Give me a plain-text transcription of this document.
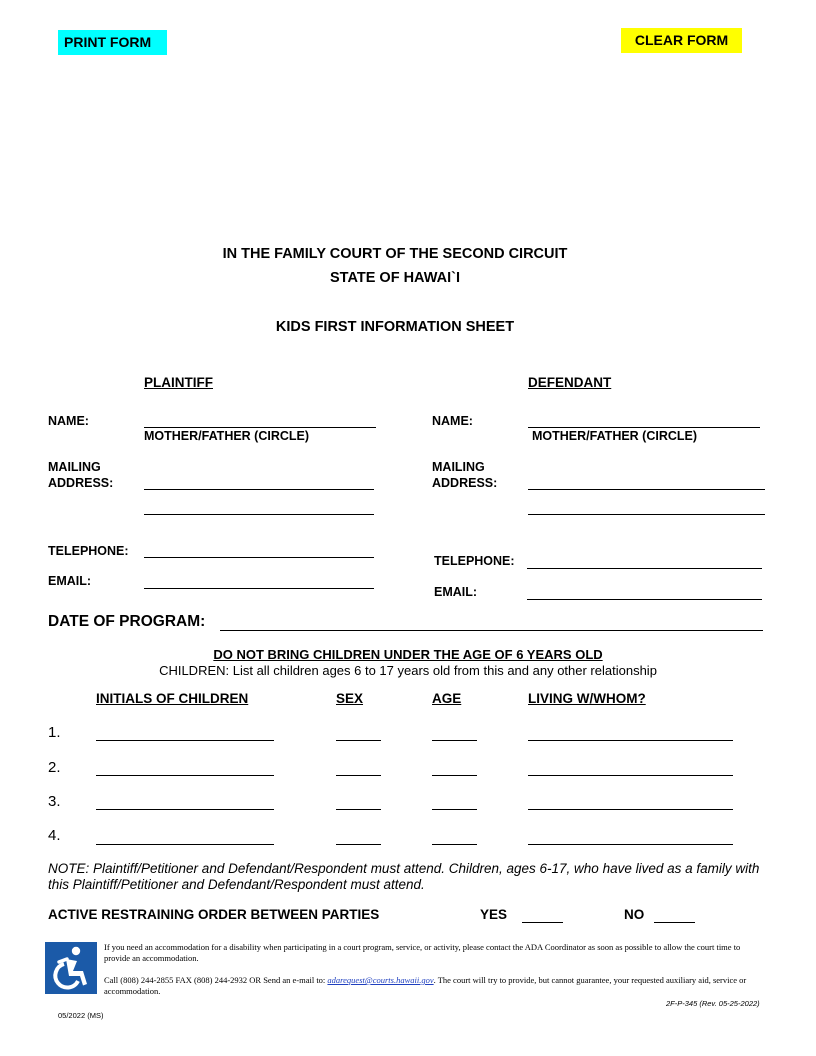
PRINT FORM	CLEAR FORM
IN THE FAMILY COURT OF THE SECOND CIRCUIT
STATE OF HAWAI`I
KIDS FIRST INFORMATION SHEET
PLAINTIFF	DEFENDANT
NAME:
MOTHER/FATHER (CIRCLE)
MAILING
ADDRESS:
TELEPHONE:
EMAIL:
NAME:
MOTHER/FATHER (CIRCLE)
MAILING
ADDRESS:
TELEPHONE:
EMAIL:
DATE OF PROGRAM:
DO NOT BRING CHILDREN UNDER THE AGE OF 6 YEARS OLD
CHILDREN: List all children ages 6 to 17 years old from this and any other relationship
INITIALS OF CHILDREN	SEX	AGE	LIVING W/WHOM?
1.
2.
3.
4.
NOTE: Plaintiff/Petitioner and Defendant/Respondent must attend. Children, ages 6-17, who have lived as a family with this Plaintiff/Petitioner and Defendant/Respondent must attend.
ACTIVE RESTRAINING ORDER BETWEEN PARTIES	YES	NO
If you need an accommodation for a disability when participating in a court program, service, or activity, please contact the ADA Coordinator as soon as possible to allow the court time to provide an accommodation.
Call (808) 244-2855 FAX (808) 244-2932 OR Send an e-mail to: adarequest@courts.hawaii.gov. The court will try to provide, but cannot guarantee, your requested auxiliary aid, service or accommodation.
2F-P-345 (Rev. 05-25-2022)
05/2022 (MS)
